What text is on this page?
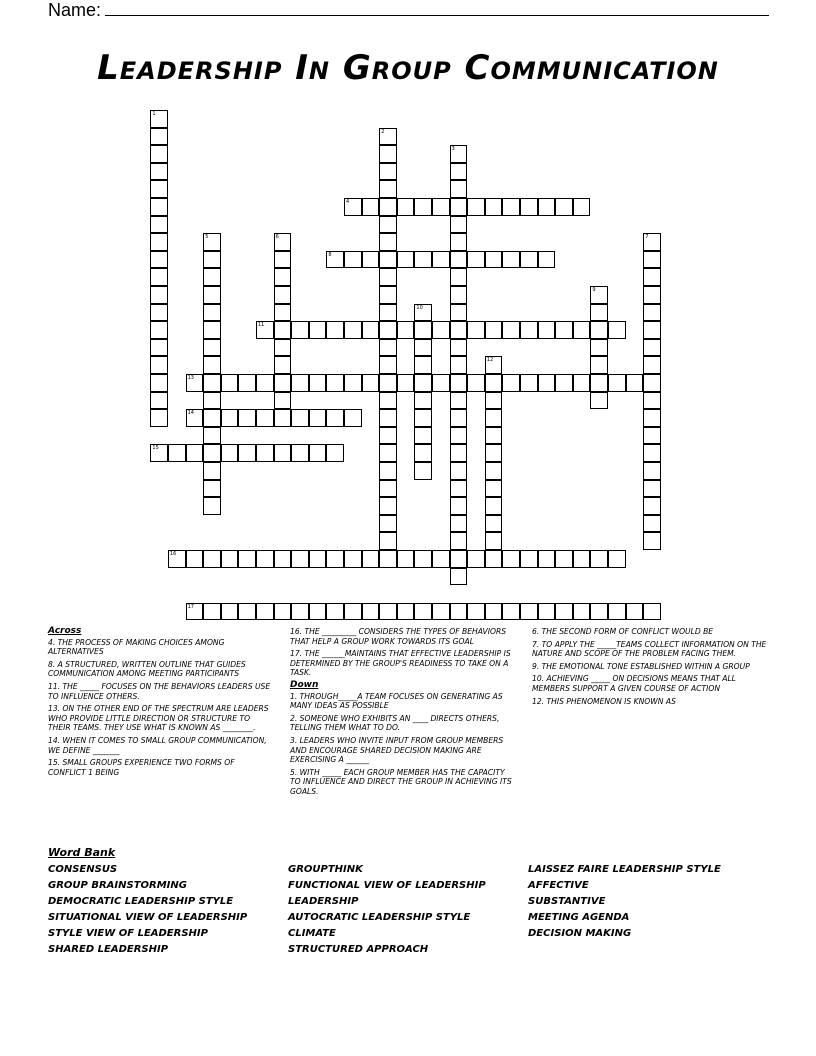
Name:
Leadership In Group Communication
1
2
3
4
5	6	7
8
9
10
11
12
13
14
15
16
17
Across

4. THE PROCESS OF MAKING CHOICES AMONG ALTERNATIVES

8. A STRUCTURED, WRITTEN OUTLINE THAT GUIDES COMMUNICATION AMONG MEETING PARTICIPANTS

11. THE _____ FOCUSES ON THE BEHAVIORS LEADERS USE TO INFLUENCE OTHERS.

13. ON THE OTHER END OF THE SPECTRUM ARE LEADERS WHO PROVIDE LITTLE DIRECTION OR STRUCTURE TO THEIR TEAMS. THEY USE WHAT IS KNOWN AS ________.

14. WHEN IT COMES TO SMALL GROUP COMMUNICATION, WE DEFINE _______

15. SMALL GROUPS EXPERIENCE TWO FORMS OF CONFLICT 1 BEING

16. THE _________ CONSIDERS THE TYPES OF BEHAVIORS THAT HELP A GROUP WORK TOWARDS ITS GOAL

17. THE ______MAINTAINS THAT EFFECTIVE LEADERSHIP IS DETERMINED BY THE GROUP'S READINESS TO TAKE ON A TASK.

Down

1. THROUGH_____A TEAM FOCUSES ON GENERATING AS MANY IDEAS AS POSSIBLE

2. SOMEONE WHO EXHIBITS AN ____ DIRECTS OTHERS, TELLING THEM WHAT TO DO.

3. LEADERS WHO INVITE INPUT FROM GROUP MEMBERS AND ENCOURAGE SHARED DECISION MAKING ARE EXERCISING A ______

5. WITH _____ EACH GROUP MEMBER HAS THE CAPACITY TO INFLUENCE AND DIRECT THE GROUP IN ACHIEVING ITS GOALS.

6. THE SECOND FORM OF CONFLICT WOULD BE

7. TO APPLY THE _____TEAMS COLLECT INFORMATION ON THE NATURE AND SCOPE OF THE PROBLEM FACING THEM.

9. THE EMOTIONAL TONE ESTABLISHED WITHIN A GROUP

10. ACHIEVING _____ ON DECISIONS MEANS THAT ALL MEMBERS SUPPORT A GIVEN COURSE OF ACTION

12. THIS PHENOMENON IS KNOWN AS

Word Bank
CONSENSUS
GROUP BRAINSTORMING
DEMOCRATIC LEADERSHIP STYLE
SITUATIONAL VIEW OF LEADERSHIP
STYLE VIEW OF LEADERSHIP
SHARED LEADERSHIP
GROUPTHINK
FUNCTIONAL VIEW OF LEADERSHIP
LEADERSHIP
AUTOCRATIC LEADERSHIP STYLE
CLIMATE
STRUCTURED APPROACH
LAISSEZ FAIRE LEADERSHIP STYLE
AFFECTIVE
SUBSTANTIVE
MEETING AGENDA
DECISION MAKING
